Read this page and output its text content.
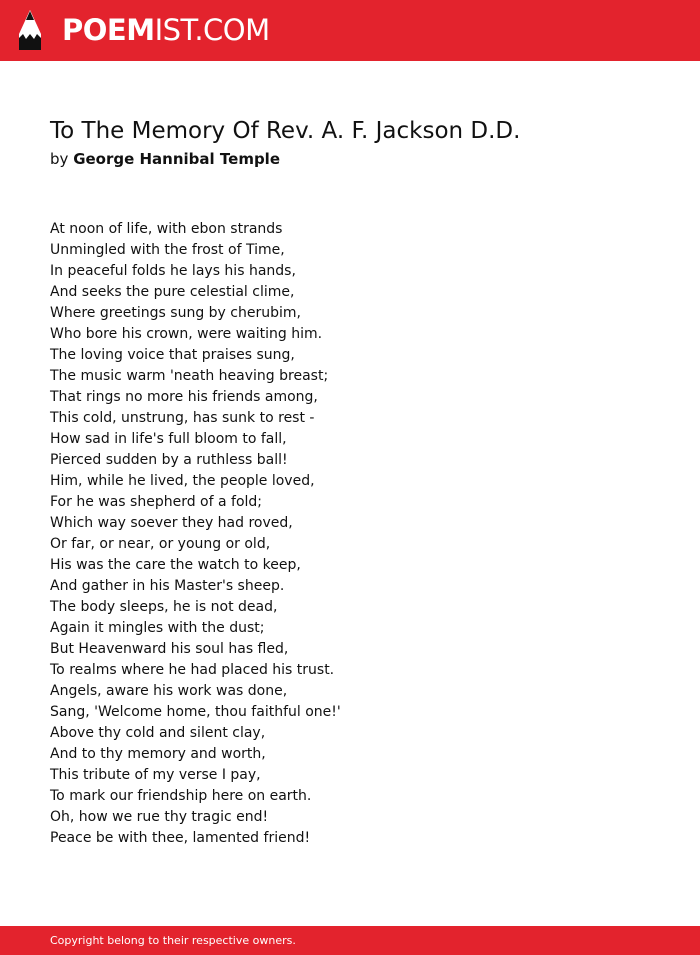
POEMIST.COM
To The Memory Of Rev. A. F. Jackson D.D.
by George Hannibal Temple
At noon of life, with ebon strands
Unmingled with the frost of Time,
In peaceful folds he lays his hands,
And seeks the pure celestial clime,
Where greetings sung by cherubim,
Who bore his crown, were waiting him.
The loving voice that praises sung,
The music warm 'neath heaving breast;
That rings no more his friends among,
This cold, unstrung, has sunk to rest -
How sad in life's full bloom to fall,
Pierced sudden by a ruthless ball!
Him, while he lived, the people loved,
For he was shepherd of a fold;
Which way soever they had roved,
Or far, or near, or young or old,
His was the care the watch to keep,
And gather in his Master's sheep.
The body sleeps, he is not dead,
Again it mingles with the dust;
But Heavenward his soul has fled,
To realms where he had placed his trust.
Angels, aware his work was done,
Sang, 'Welcome home, thou faithful one!'
Above thy cold and silent clay,
And to thy memory and worth,
This tribute of my verse I pay,
To mark our friendship here on earth.
Oh, how we rue thy tragic end!
Peace be with thee, lamented friend!
Copyright belong to their respective owners.
